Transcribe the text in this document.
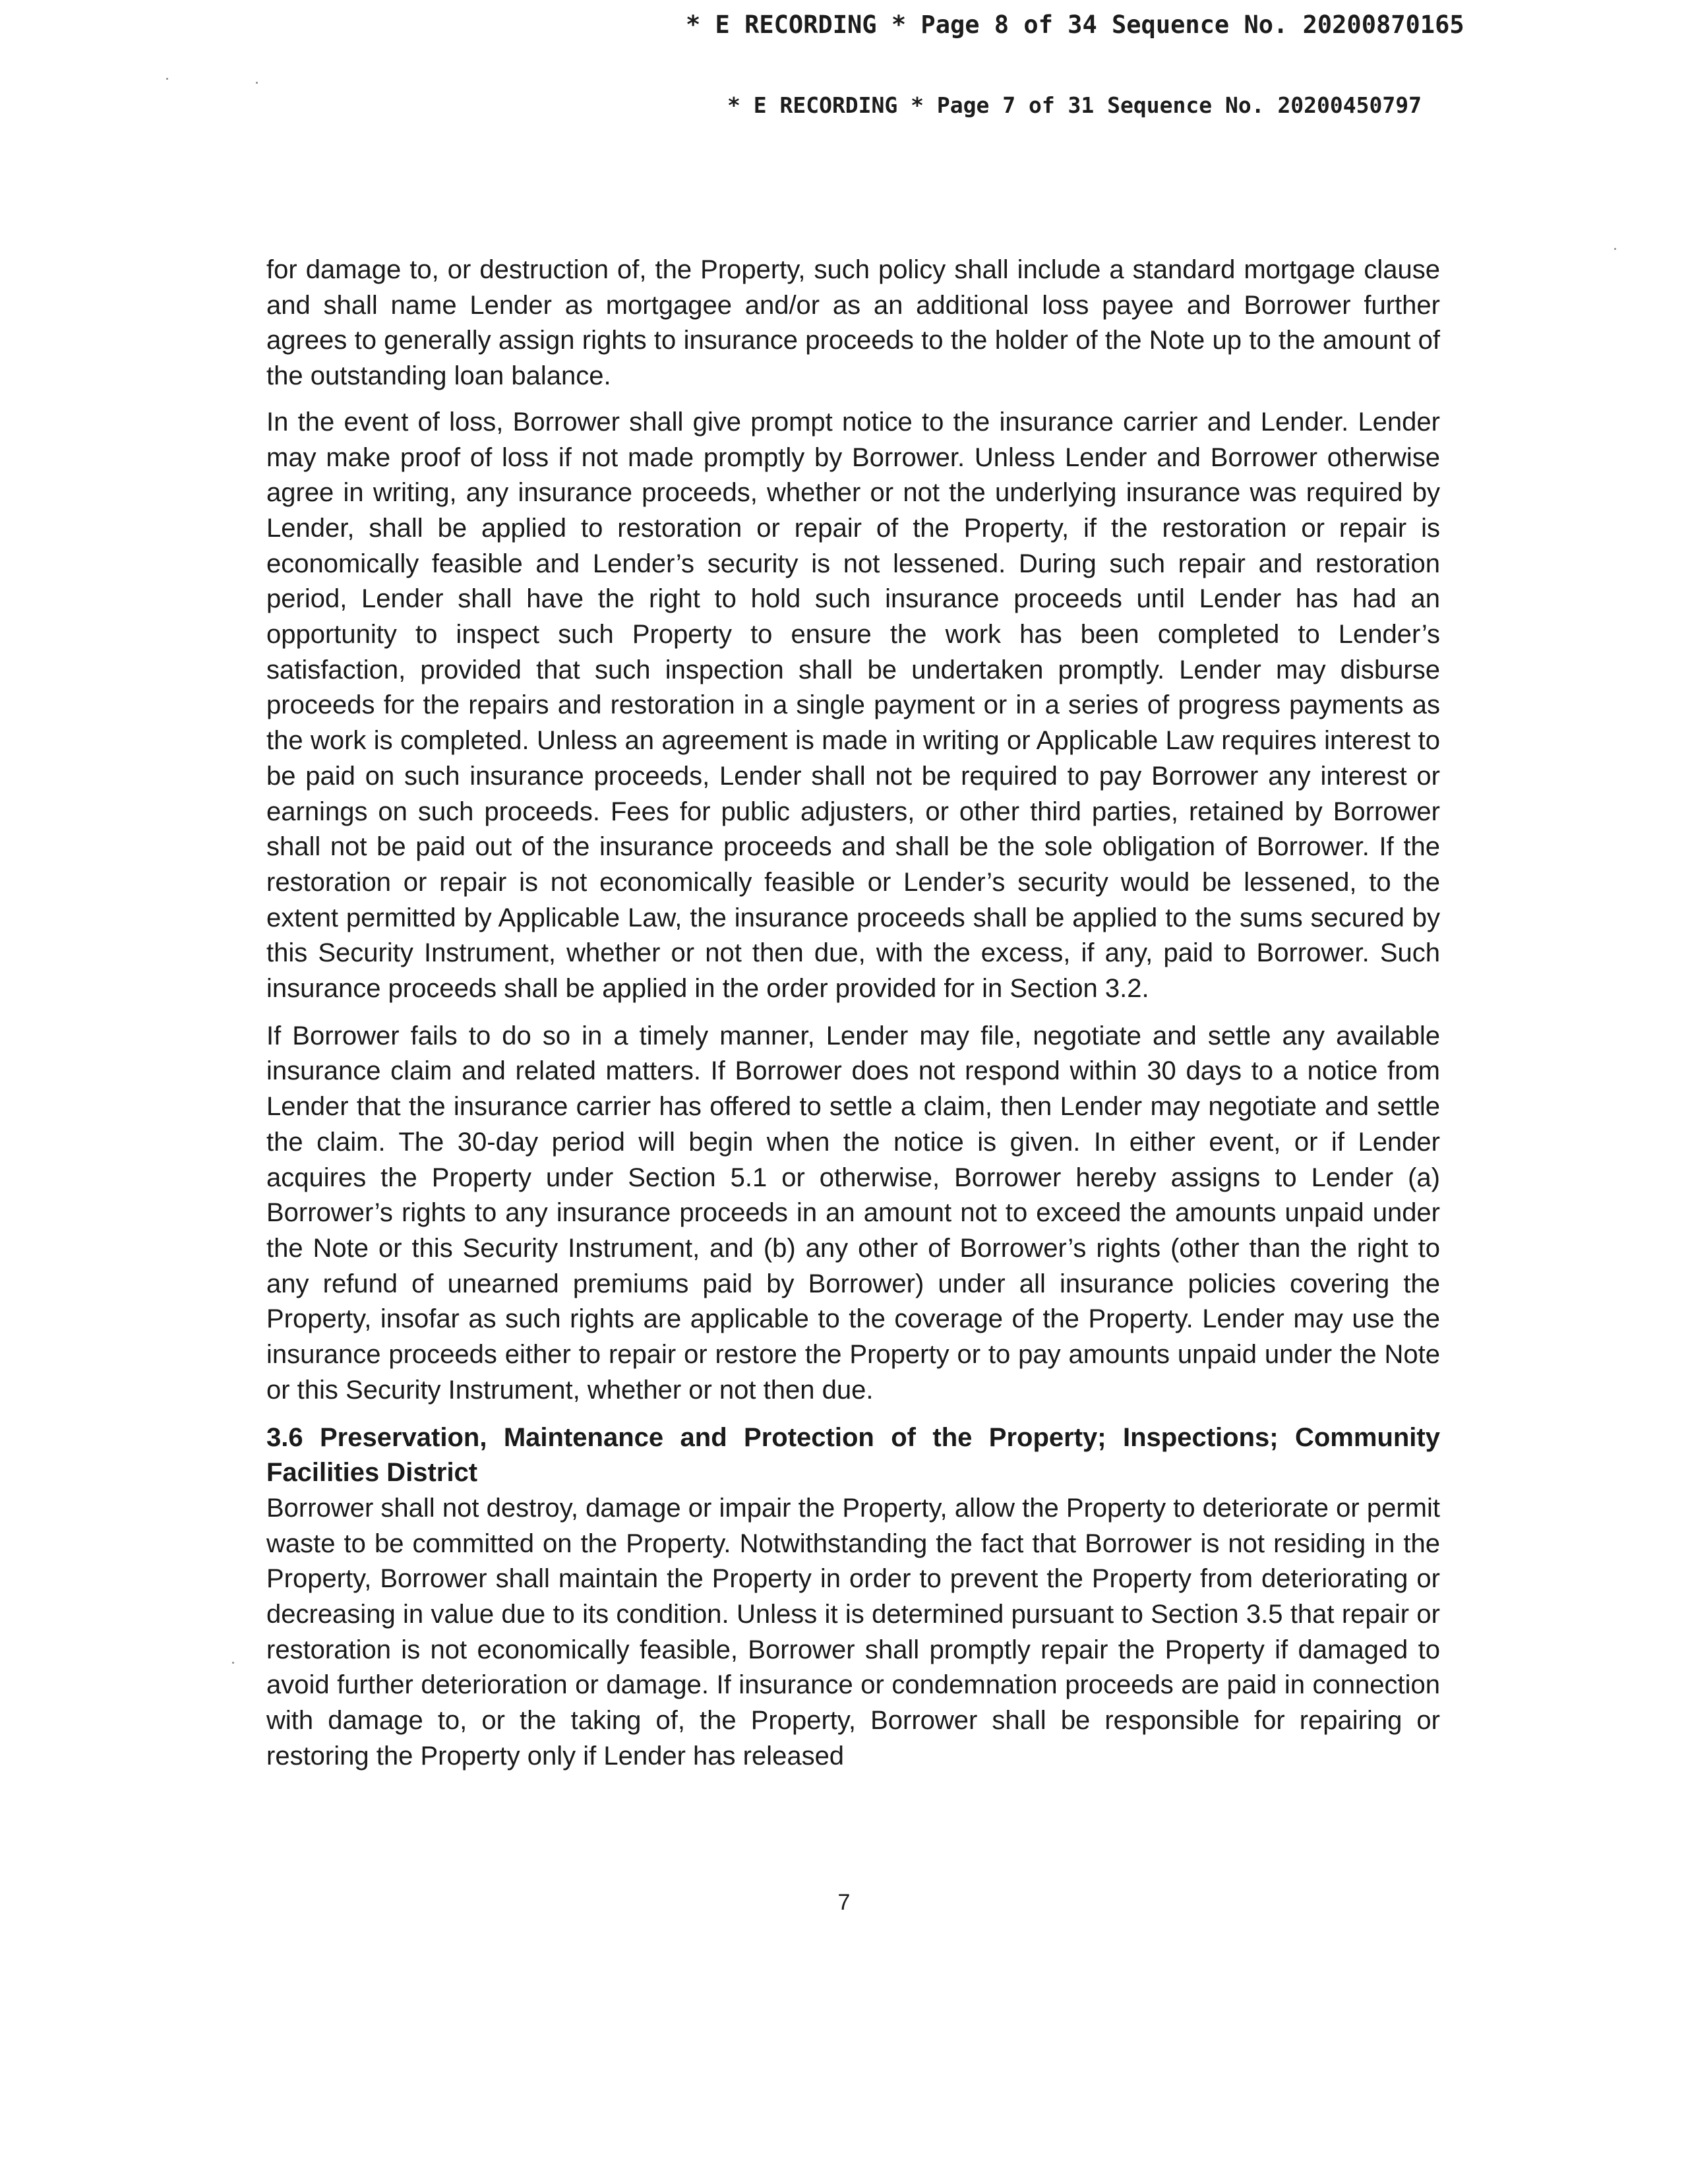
* E RECORDING * Page 8 of 34 Sequence No. 20200870165
* E RECORDING * Page 7 of 31 Sequence No. 20200450797

for damage to, or destruction of, the Property, such policy shall include a standard mortgage clause and shall name Lender as mortgagee and/or as an additional loss payee and Borrower further agrees to generally assign rights to insurance proceeds to the holder of the Note up to the amount of the outstanding loan balance.

In the event of loss, Borrower shall give prompt notice to the insurance carrier and Lender. Lender may make proof of loss if not made promptly by Borrower. Unless Lender and Borrower otherwise agree in writing, any insurance proceeds, whether or not the underlying insurance was required by Lender, shall be applied to restoration or repair of the Property, if the restoration or repair is economically feasible and Lender’s security is not lessened. During such repair and restoration period, Lender shall have the right to hold such insurance proceeds until Lender has had an opportunity to inspect such Property to ensure the work has been completed to Lender’s satisfaction, provided that such inspection shall be undertaken promptly. Lender may disburse proceeds for the repairs and restoration in a single payment or in a series of progress payments as the work is completed. Unless an agreement is made in writing or Applicable Law requires interest to be paid on such insurance proceeds, Lender shall not be required to pay Borrower any interest or earnings on such proceeds. Fees for public adjusters, or other third parties, retained by Borrower shall not be paid out of the insurance proceeds and shall be the sole obligation of Borrower. If the restoration or repair is not economically feasible or Lender’s security would be lessened, to the extent permitted by Applicable Law, the insurance proceeds shall be applied to the sums secured by this Security Instrument, whether or not then due, with the excess, if any, paid to Borrower. Such insurance proceeds shall be applied in the order provided for in Section 3.2.

If Borrower fails to do so in a timely manner, Lender may file, negotiate and settle any available insurance claim and related matters. If Borrower does not respond within 30 days to a notice from Lender that the insurance carrier has offered to settle a claim, then Lender may negotiate and settle the claim. The 30-day period will begin when the notice is given. In either event, or if Lender acquires the Property under Section 5.1 or otherwise, Borrower hereby assigns to Lender (a) Borrower’s rights to any insurance proceeds in an amount not to exceed the amounts unpaid under the Note or this Security Instrument, and (b) any other of Borrower’s rights (other than the right to any refund of unearned premiums paid by Borrower) under all insurance policies covering the Property, insofar as such rights are applicable to the coverage of the Property. Lender may use the insurance proceeds either to repair or restore the Property or to pay amounts unpaid under the Note or this Security Instrument, whether or not then due.

3.6 Preservation, Maintenance and Protection of the Property; Inspections; Community Facilities District

Borrower shall not destroy, damage or impair the Property, allow the Property to deteriorate or permit waste to be committed on the Property. Notwithstanding the fact that Borrower is not residing in the Property, Borrower shall maintain the Property in order to prevent the Property from deteriorating or decreasing in value due to its condition. Unless it is determined pursuant to Section 3.5 that repair or restoration is not economically feasible, Borrower shall promptly repair the Property if damaged to avoid further deterioration or damage. If insurance or condemnation proceeds are paid in connection with damage to, or the taking of, the Property, Borrower shall be responsible for repairing or restoring the Property only if Lender has released

7
